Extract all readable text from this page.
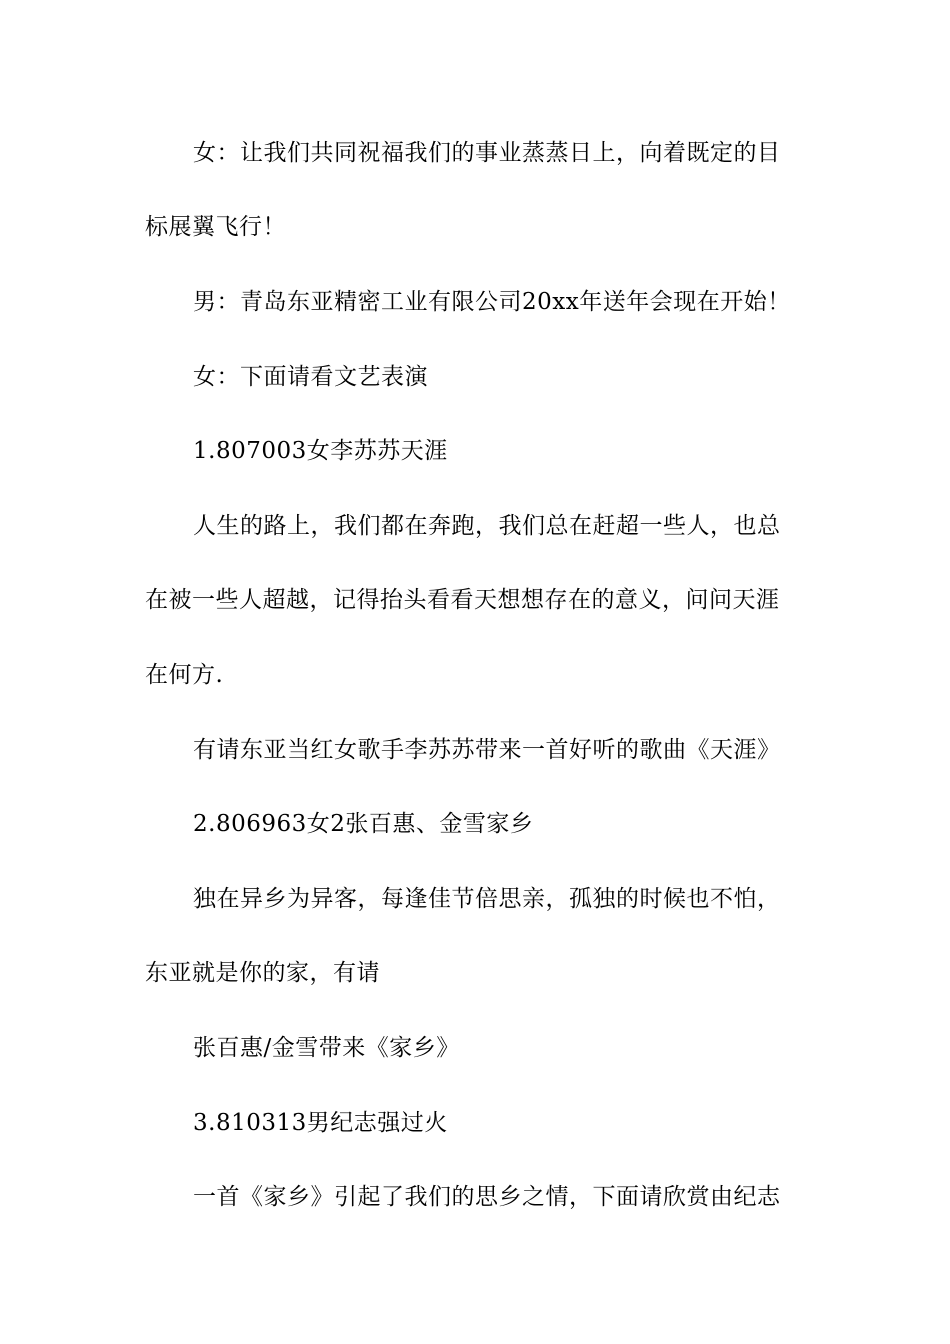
女：让我们共同祝福我们的事业蒸蒸日上，向着既定的目
标展翼飞行！
男：青岛东亚精密工业有限公司20xx年送年会现在开始！
女：下面请看文艺表演
1.807003女李苏苏天涯
人生的路上，我们都在奔跑，我们总在赶超一些人，也总
在被一些人超越，记得抬头看看天想想存在的意义，问问天涯
在何方.
有请东亚当红女歌手李苏苏带来一首好听的歌曲《天涯》
2.806963女2张百惠、金雪家乡
独在异乡为异客，每逢佳节倍思亲，孤独的时候也不怕，
东亚就是你的家，有请
张百惠/金雪带来《家乡》
3.810313男纪志强过火
一首《家乡》引起了我们的思乡之情，下面请欣赏由纪志
